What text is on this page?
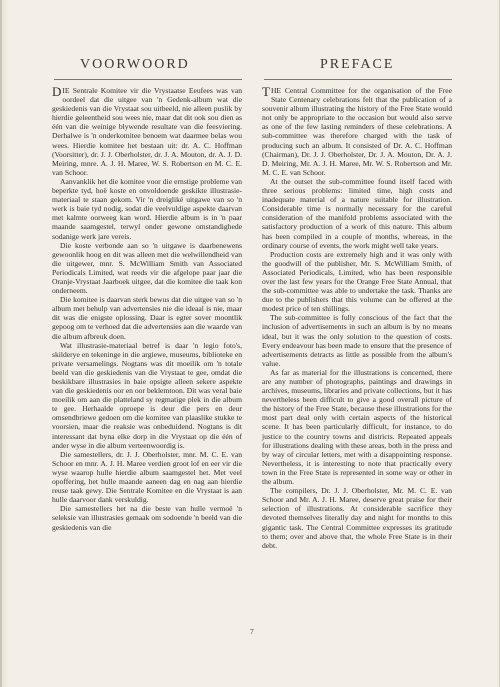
VOORWOORD	PREFACE

DIE Sentrale Komitee vir die Vrystaatse Eeufees was van oordeel dat die uitgee van 'n Gedenk-album wat die geskiedenis van die Vrystaat sou uitbeeld, nie alleen puslik by hierdie geleentheid sou wees nie, maar dat dit ook sou dien as één van die weinige blywende resultate van die feesviering. Derhalwe is 'n onderkomitee benoem wat daarmee belas wou wees. Hierdie komitee het bestaan uit: dr. A. C. Hoffman (Voorsitter), dr. J. J. Oberholster, dr. J. A. Mouton, dr. A. J. D. Meiring, mnre. A. J. H. Maree, W. S. Robertson en M. C. E. van Schoor.

Aanvanklik het die komitee voor die ernstige probleme van beperkte tyd, hoë koste en onvoldoende geskikte illustrasie-materiaal te staan gekom. Vir 'n dreigliké uitgawe van so 'n werk is baie tyd nodig, sodat die veelvuldige aspekte daarvan met kalmte oorweeg kan word. Hierdie album is in 'n paar maande saamgestel, terwyl onder gewone omstandighede sodanige werk jare vereis.

Die koste verbonde aan so 'n uitgawe is daarbenewens gewoonlik hoog en dit was alleen met die welwillendheid van die uitgewer, mnr. S. McWilliam Smith van Associated Periodicals Limited, wat reeds vir die afgelope paar jaar die Oranje-Vrystaat Jaarboek uitgee, dat die komitee die taak kon onderneem.

Die komitee is daarvan sterk bewus dat die uitgee van so 'n album met behulp van advertensies nie die ideaal is nie, maar dit was die enigste oplossing. Daar is egter sover moontlik gepoog om te verhoed dat die advertensies aan die waarde van die album afbreuk doen.

Wat illustrasie-materiaal betref is daar 'n legio foto's, skilderye en tekeninge in die argiewe, museums, biblioteke en private versamelings. Nogtans was dit moeilik om 'n totale beeld van die geskiedenis van die Vrystaat te gee, omdat die beskikbare illustrasies in baie opsigte alleen sekere aspekte van die geskiedenis oor en oor beklemtoon. Dit was veral baie moeilik om aan die platteland sy regmatige plek in die album te gee. Herhaalde oproepe is deur die pers en deur omsendbriewe gedoen om die komitee van plaaslike stukke te voorsien, maar die reaksie was onbeduidend. Nogtans is dit interessant dat byna elke dorp in die Vrystaat op die één of ander wyse in die album verteenwoordig is.

Die samestellers, dr. J. J. Oberholster, mnr. M. C. E. van Schoor en mnr. A. J. H. Maree verdien groot lof en eer vir die wyse waarop hulle hierdie album saamgestel het. Met veel opoffering, het hulle maande aaneen dag en nag aan hierdie reuse taak gewy. Die Sentrale Komitee en die Vrystaat is aan hulle daarvoor dank verskuldig.

Die samestellers het na die beste van hulle vermoë 'n seleksie van illustrasies gemaak om sodoende 'n beeld van die geskiedenis van die

THE Central Committee for the organisation of the Free State Centenary celebrations felt that the publication of a souvenir album illustrating the history of the Free State would not only be appropriate to the occasion but would also serve as one of the few lasting reminders of these celebrations. A sub-committee was therefore charged with the task of producing such an album. It consisted of Dr. A. C. Hoffman (Chairman), Dr. J. J. Oberholster, Dr. J. A. Mouton, Dr. A. J. D. Meiring, Mr. A. J. H. Maree, Mr. W. S. Robertson and Mr. M. C. E. van Schoor.

At the outset the sub-committee found itself faced with three serious problems: limited time, high costs and inadequate material of a nature suitable for illustration. Considerable time is normally necessary for the careful consideration of the manifold problems associated with the satisfactory production of a work of this nature. This album has been compiled in a couple of months, whereas, in the ordinary course of events, the work might well take years.

Production costs are extremely high and it was only with the goodwill of the publisher, Mr. S. McWilliam Smith, of Associated Periodicals, Limited, who has been responsible over the last few years for the Orange Free State Annual, that the sub-committee was able to undertake the task. Thanks are due to the publishers that this volume can be offered at the modest price of ten shillings.

The sub-committee is fully conscious of the fact that the inclusion of advertisements in such an album is by no means ideal, but it was the only solution to the question of costs. Every endeavour has been made to ensure that the presence of advertisements detracts as little as possible from the album's value.

As far as material for the illustrations is concerned, there are any number of photographs, paintings and drawings in archives, museums, libraries and private collections, but it has nevertheless been difficult to give a good overall picture of the history of the Free State, because these illustrations for the most part deal only with certain aspects of the historical scene. It has been particularly difficult, for instance, to do justice to the country towns and districts. Repeated appeals for illustrations dealing with these areas, both in the press and by way of circular letters, met with a disappointing response. Nevertheless, it is interesting to note that practically every town in the Free State is represented in some way or other in the album.

The compilers, Dr. J. J. Oberholster, Mr. M. C. E. van Schoor and Mr. A. J. H. Maree, deserve great praise for their selection of illustrations. At considerable sacrifice they devoted themselves literally day and night for months to this gigantic task. The Central Committee expresses its gratitude to them; over and above that, the whole Free State is in their debt.

7
